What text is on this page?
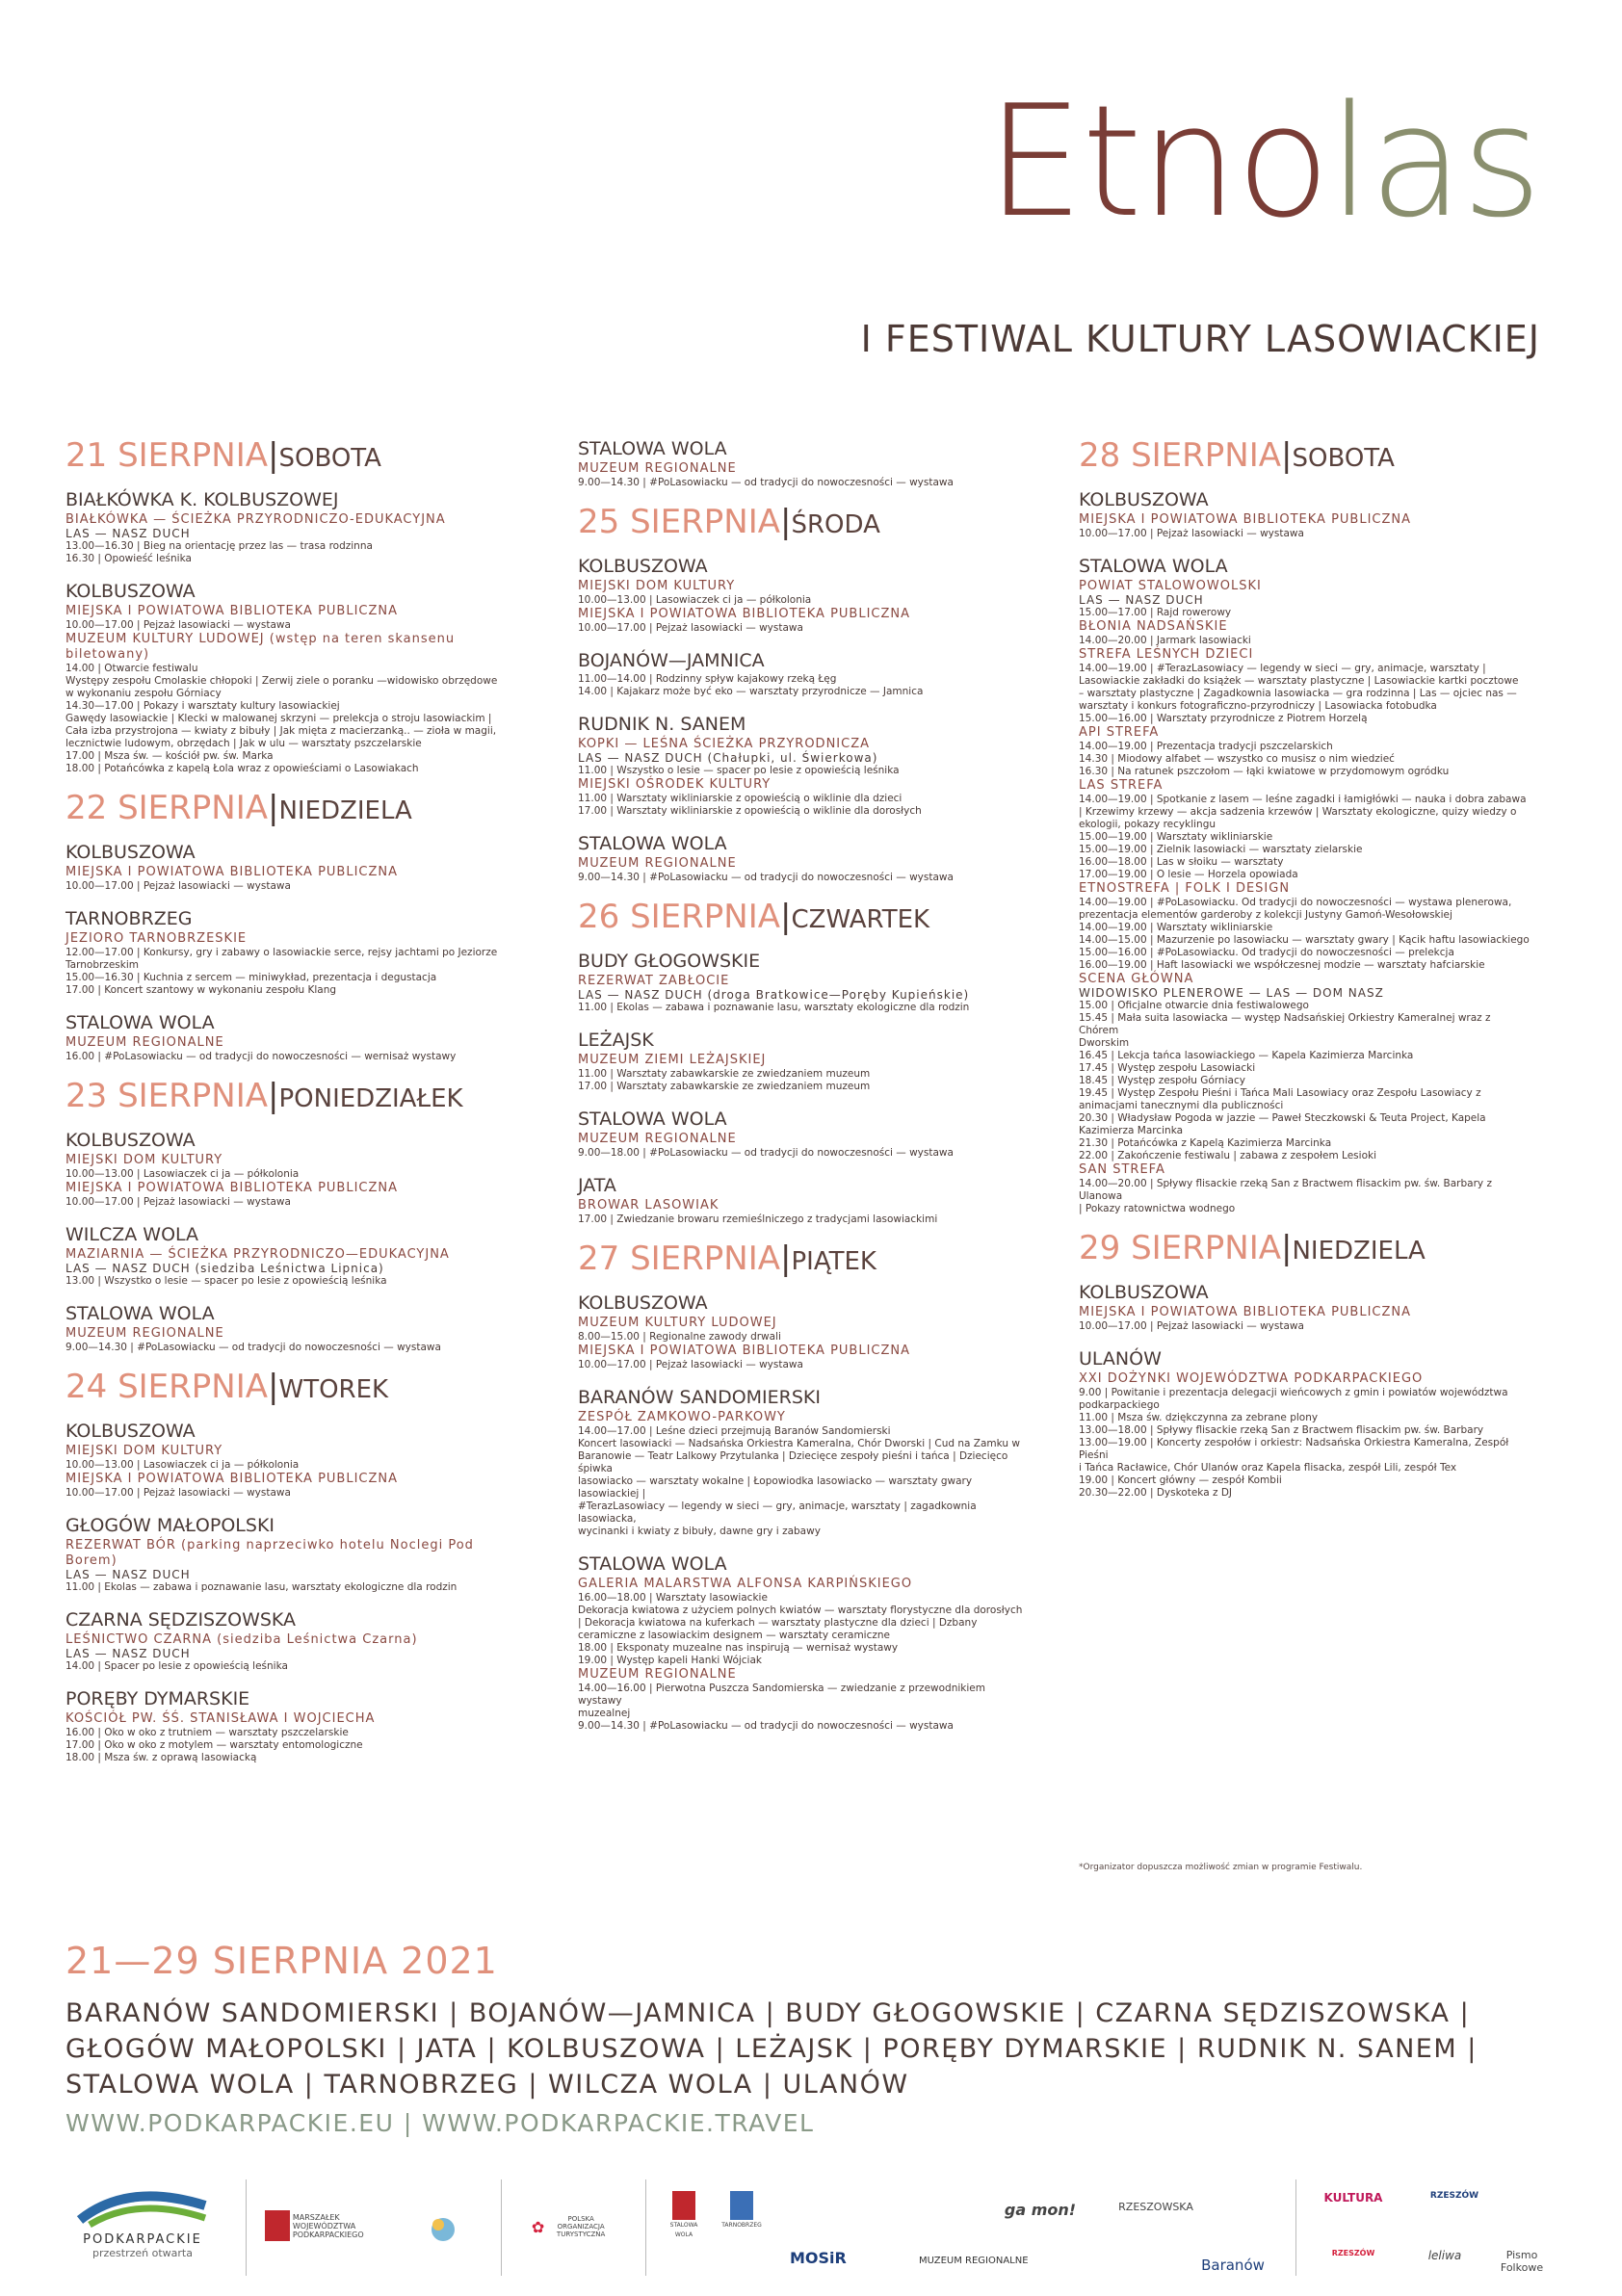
Etnolas
I FESTIWAL KULTURY LASOWIACKIEJ
21 SIERPNIA|SOBOTA
BIAŁKÓWKA K. KOLBUSZOWEJ
BIAŁKÓWKA — ŚCIEŻKA PRZYRODNICZO-EDUKACYJNA
LAS — NASZ DUCH
13.00—16.30 | Bieg na orientację przez las — trasa rodzinna
16.30 | Opowieść leśnika
KOLBUSZOWA
MIEJSKA I POWIATOWA BIBLIOTEKA PUBLICZNA
10.00—17.00 | Pejzaż lasowiacki — wystawa
MUZEUM KULTURY LUDOWEJ (wstęp na teren skansenu biletowany)
14.00 | Otwarcie festiwalu
Występy zespołu Cmolaskie chłopoki | Zerwij ziele o poranku —widowisko obrzędowe
w wykonaniu zespołu Górniacy
14.30—17.00 | Pokazy i warsztaty kultury lasowiackiej
Gawędy lasowiackie | Klecki w malowanej skrzyni — prelekcja o stroju lasowiackim |
Cała izba przystrojona — kwiaty z bibuły | Jak mięta z macierzanką.. — zioła w magii,
lecznictwie ludowym, obrzędach | Jak w ulu — warsztaty pszczelarskie
17.00 | Msza św. — kościół pw. św. Marka
18.00 | Potańcówka z kapelą Łola wraz z opowieściami o Lasowiakach
22 SIERPNIA|NIEDZIELA
KOLBUSZOWA
MIEJSKA I POWIATOWA BIBLIOTEKA PUBLICZNA
10.00—17.00 | Pejzaż lasowiacki — wystawa
TARNOBRZEG
JEZIORO TARNOBRZESKIE
12.00—17.00 | Konkursy, gry i zabawy o lasowiackie serce, rejsy jachtami po Jeziorze
Tarnobrzeskim
15.00—16.30 | Kuchnia z sercem — miniwykład, prezentacja i degustacja
17.00 | Koncert szantowy w wykonaniu zespołu Klang
STALOWA WOLA
MUZEUM REGIONALNE
16.00 | #PoLasowiacku — od tradycji do nowoczesności — wernisaż wystawy
23 SIERPNIA|PONIEDZIAŁEK
KOLBUSZOWA
MIEJSKI DOM KULTURY
10.00—13.00 | Lasowiaczek ci ja — półkolonia
MIEJSKA I POWIATOWA BIBLIOTEKA PUBLICZNA
10.00—17.00 | Pejzaż lasowiacki — wystawa
WILCZA WOLA
MAZIARNIA — ŚCIEŻKA PRZYRODNICZO—EDUKACYJNA
LAS — NASZ DUCH (siedziba Leśnictwa Lipnica)
13.00 | Wszystko o lesie — spacer po lesie z opowieścią leśnika
STALOWA WOLA
MUZEUM REGIONALNE
9.00—14.30 | #PoLasowiacku — od tradycji do nowoczesności — wystawa
24 SIERPNIA|WTOREK
KOLBUSZOWA
MIEJSKI DOM KULTURY
10.00—13.00 | Lasowiaczek ci ja — półkolonia
MIEJSKA I POWIATOWA BIBLIOTEKA PUBLICZNA
10.00—17.00 | Pejzaż lasowiacki — wystawa
GŁOGÓW MAŁOPOLSKI
REZERWAT BÓR (parking naprzeciwko hotelu Noclegi Pod Borem)
LAS — NASZ DUCH
11.00 | Ekolas — zabawa i poznawanie lasu, warsztaty ekologiczne dla rodzin
CZARNA SĘDZISZOWSKA
LEŚNICTWO CZARNA (siedziba Leśnictwa Czarna)
LAS — NASZ DUCH
14.00 | Spacer po lesie z opowieścią leśnika
PORĘBY DYMARSKIE
KOŚCIÓŁ PW. ŚŚ. STANISŁAWA I WOJCIECHA
16.00 | Oko w oko z trutniem — warsztaty pszczelarskie
17.00 | Oko w oko z motylem — warsztaty entomologiczne
18.00 | Msza św. z oprawą lasowiacką
STALOWA WOLA
MUZEUM REGIONALNE
9.00—14.30 | #PoLasowiacku — od tradycji do nowoczesności — wystawa
25 SIERPNIA|ŚRODA
KOLBUSZOWA
MIEJSKI DOM KULTURY
10.00—13.00 | Lasowiaczek ci ja — półkolonia
MIEJSKA I POWIATOWA BIBLIOTEKA PUBLICZNA
10.00—17.00 | Pejzaż lasowiacki — wystawa
BOJANÓW—JAMNICA
11.00—14.00 | Rodzinny spływ kajakowy rzeką Łęg
14.00 | Kajakarz może być eko — warsztaty przyrodnicze — Jamnica
RUDNIK N. SANEM
KOPKI — LEŚNA ŚCIEŻKA PRZYRODNICZA
LAS — NASZ DUCH (Chałupki, ul. Świerkowa)
11.00 | Wszystko o lesie — spacer po lesie z opowieścią leśnika
MIEJSKI OŚRODEK KULTURY
11.00 | Warsztaty wikliniarskie z opowieścią o wiklinie dla dzieci
17.00 | Warsztaty wikliniarskie z opowieścią o wiklinie dla dorosłych
STALOWA WOLA
MUZEUM REGIONALNE
9.00—14.30 | #PoLasowiacku — od tradycji do nowoczesności — wystawa
26 SIERPNIA|CZWARTEK
BUDY GŁOGOWSKIE
REZERWAT ZABŁOCIE
LAS — NASZ DUCH (droga Bratkowice—Poręby Kupieńskie)
11.00 | Ekolas — zabawa i poznawanie lasu, warsztaty ekologiczne dla rodzin
LEŻAJSK
MUZEUM ZIEMI LEŻAJSKIEJ
11.00 | Warsztaty zabawkarskie ze zwiedzaniem muzeum
17.00 | Warsztaty zabawkarskie ze zwiedzaniem muzeum
STALOWA WOLA
MUZEUM REGIONALNE
9.00—18.00 | #PoLasowiacku — od tradycji do nowoczesności — wystawa
JATA
BROWAR LASOWIAK
17.00 | Zwiedzanie browaru rzemieślniczego z tradycjami lasowiackimi
27 SIERPNIA|PIĄTEK
KOLBUSZOWA
MUZEUM KULTURY LUDOWEJ
8.00—15.00 | Regionalne zawody drwali
MIEJSKA I POWIATOWA BIBLIOTEKA PUBLICZNA
10.00—17.00 | Pejzaż lasowiacki — wystawa
BARANÓW SANDOMIERSKI
ZESPÓŁ ZAMKOWO-PARKOWY
14.00—17.00 | Leśne dzieci przejmują Baranów Sandomierski
Koncert lasowiacki — Nadsańska Orkiestra Kameralna, Chór Dworski | Cud na Zamku w
Baranowie — Teatr Lalkowy Przytulanka | Dziecięce zespoły pieśni i tańca | Dziecięco śpiwka
lasowiacko — warsztaty wokalne | Łopowiodka lasowiacko — warsztaty gwary lasowiackiej |
#TerazLasowiacy — legendy w sieci — gry, animacje, warsztaty | zagadkownia lasowiacka,
wycinanki i kwiaty z bibuły, dawne gry i zabawy
STALOWA WOLA
GALERIA MALARSTWA ALFONSA KARPIŃSKIEGO
16.00—18.00 | Warsztaty lasowiackie
Dekoracja kwiatowa z użyciem polnych kwiatów — warsztaty florystyczne dla dorosłych
| Dekoracja kwiatowa na kuferkach — warsztaty plastyczne dla dzieci | Dzbany
ceramiczne z lasowiackim designem — warsztaty ceramiczne
18.00 | Eksponaty muzealne nas inspirują — wernisaż wystawy
19.00 | Występ kapeli Hanki Wójciak
MUZEUM REGIONALNE
14.00—16.00 | Pierwotna Puszcza Sandomierska — zwiedzanie z przewodnikiem wystawy
muzealnej
9.00—14.30 | #PoLasowiacku — od tradycji do nowoczesności — wystawa
28 SIERPNIA|SOBOTA
KOLBUSZOWA
MIEJSKA I POWIATOWA BIBLIOTEKA PUBLICZNA
10.00—17.00 | Pejzaż lasowiacki — wystawa
STALOWA WOLA
POWIAT STALOWOWOLSKI
LAS — NASZ DUCH
15.00—17.00 | Rajd rowerowy
BŁONIA NADSAŃSKIE
14.00—20.00 | Jarmark lasowiacki
STREFA LEŚNYCH DZIECI
14.00—19.00 | #TerazLasowiacy — legendy w sieci — gry, animacje, warsztaty |
Lasowiackie zakładki do książek — warsztaty plastyczne | Lasowiackie kartki pocztowe
– warsztaty plastyczne | Zagadkownia lasowiacka — gra rodzinna | Las — ojciec nas —
warsztaty i konkurs fotograficzno-przyrodniczy | Lasowiacka fotobudka
15.00—16.00 | Warsztaty przyrodnicze z Piotrem Horzelą
API STREFA
14.00—19.00 | Prezentacja tradycji pszczelarskich
14.30 | Miodowy alfabet — wszystko co musisz o nim wiedzieć
16.30 | Na ratunek pszczołom — łąki kwiatowe w przydomowym ogródku
LAS STREFA
14.00—19.00 | Spotkanie z lasem — leśne zagadki i łamigłówki — nauka i dobra zabawa
| Krzewimy krzewy — akcja sadzenia krzewów | Warsztaty ekologiczne, quizy wiedzy o
ekologii, pokazy recyklingu
15.00—19.00 | Warsztaty wikliniarskie
15.00—19.00 | Zielnik lasowiacki — warsztaty zielarskie
16.00—18.00 | Las w słoiku — warsztaty
17.00—19.00 | O lesie — Horzela opowiada
ETNOSTREFA | FOLK I DESIGN
14.00—19.00 | #PoLasowiacku. Od tradycji do nowoczesności — wystawa plenerowa,
prezentacja elementów garderoby z kolekcji Justyny Gamoń-Wesołowskiej
14.00—19.00 | Warsztaty wikliniarskie
14.00—15.00 | Mazurzenie po lasowiacku — warsztaty gwary | Kącik haftu lasowiackiego
15.00—16.00 | #PoLasowiacku. Od tradycji do nowoczesności — prelekcja
16.00—19.00 | Haft lasowiacki we współczesnej modzie — warsztaty hafciarskie
SCENA GŁÓWNA
WIDOWISKO PLENEROWE — LAS — DOM NASZ
15.00 | Oficjalne otwarcie dnia festiwalowego
15.45 | Mała suita lasowiacka — występ Nadsańskiej Orkiestry Kameralnej wraz z Chórem
Dworskim
16.45 | Lekcja tańca lasowiackiego — Kapela Kazimierza Marcinka
17.45 | Występ zespołu Lasowiacki
18.45 | Występ zespołu Górniacy
19.45 | Występ Zespołu Pieśni i Tańca Mali Lasowiacy oraz Zespołu Lasowiacy z
animacjami tanecznymi dla publiczności
20.30 | Władysław Pogoda w jazzie — Paweł Steczkowski & Teuta Project, Kapela
Kazimierza Marcinka
21.30 | Potańcówka z Kapelą Kazimierza Marcinka
22.00 | Zakończenie festiwalu | zabawa z zespołem Lesioki
SAN STREFA
14.00—20.00 | Spływy flisackie rzeką San z Bractwem flisackim pw. św. Barbary z Ulanowa
| Pokazy ratownictwa wodnego
29 SIERPNIA|NIEDZIELA
KOLBUSZOWA
MIEJSKA I POWIATOWA BIBLIOTEKA PUBLICZNA
10.00—17.00 | Pejzaż lasowiacki — wystawa
ULANÓW
XXI DOŻYNKI WOJEWÓDZTWA PODKARPACKIEGO
9.00 | Powitanie i prezentacja delegacji wieńcowych z gmin i powiatów województwa
podkarpackiego
11.00 | Msza św. dziękczynna za zebrane plony
13.00—18.00 | Spływy flisackie rzeką San z Bractwem flisackim pw. św. Barbary
13.00—19.00 | Koncerty zespołów i orkiestr: Nadsańska Orkiestra Kameralna, Zespół Pieśni
i Tańca Racławice, Chór Ulanów oraz Kapela flisacka, zespół Lili, zespół Tex
19.00 | Koncert główny — zespół Kombii
20.30—22.00 | Dyskoteka z DJ
*Organizator dopuszcza możliwość zmian w programie Festiwalu.
21—29 SIERPNIA 2021
BARANÓW SANDOMIERSKI | BOJANÓW—JAMNICA | BUDY GŁOGOWSKIE | CZARNA SĘDZISZOWSKA | GŁOGÓW MAŁOPOLSKI | JATA | KOLBUSZOWA | LEŻAJSK | PORĘBY DYMARSKIE | RUDNIK N. SANEM | STALOWA WOLA | TARNOBRZEG | WILCZA WOLA | ULANÓW
WWW.PODKARPACKIE.EU | WWW.PODKARPACKIE.TRAVEL
PODKARPACKIE
przestrzeń otwarta
MARSZAŁEK WOJEWÓDZTWA PODKARPACKIEGO	✿	POLSKA ORGANIZACJA TURYSTYCZNA
STALOWA WOLA
TARNOBRZEG
MOSiR	MUZEUM REGIONALNE
ga mon!	RZESZOWSKA
Baranów
KULTURA	RZESZÓW
RZESZÓW	leliwa	Pismo Folkowe
